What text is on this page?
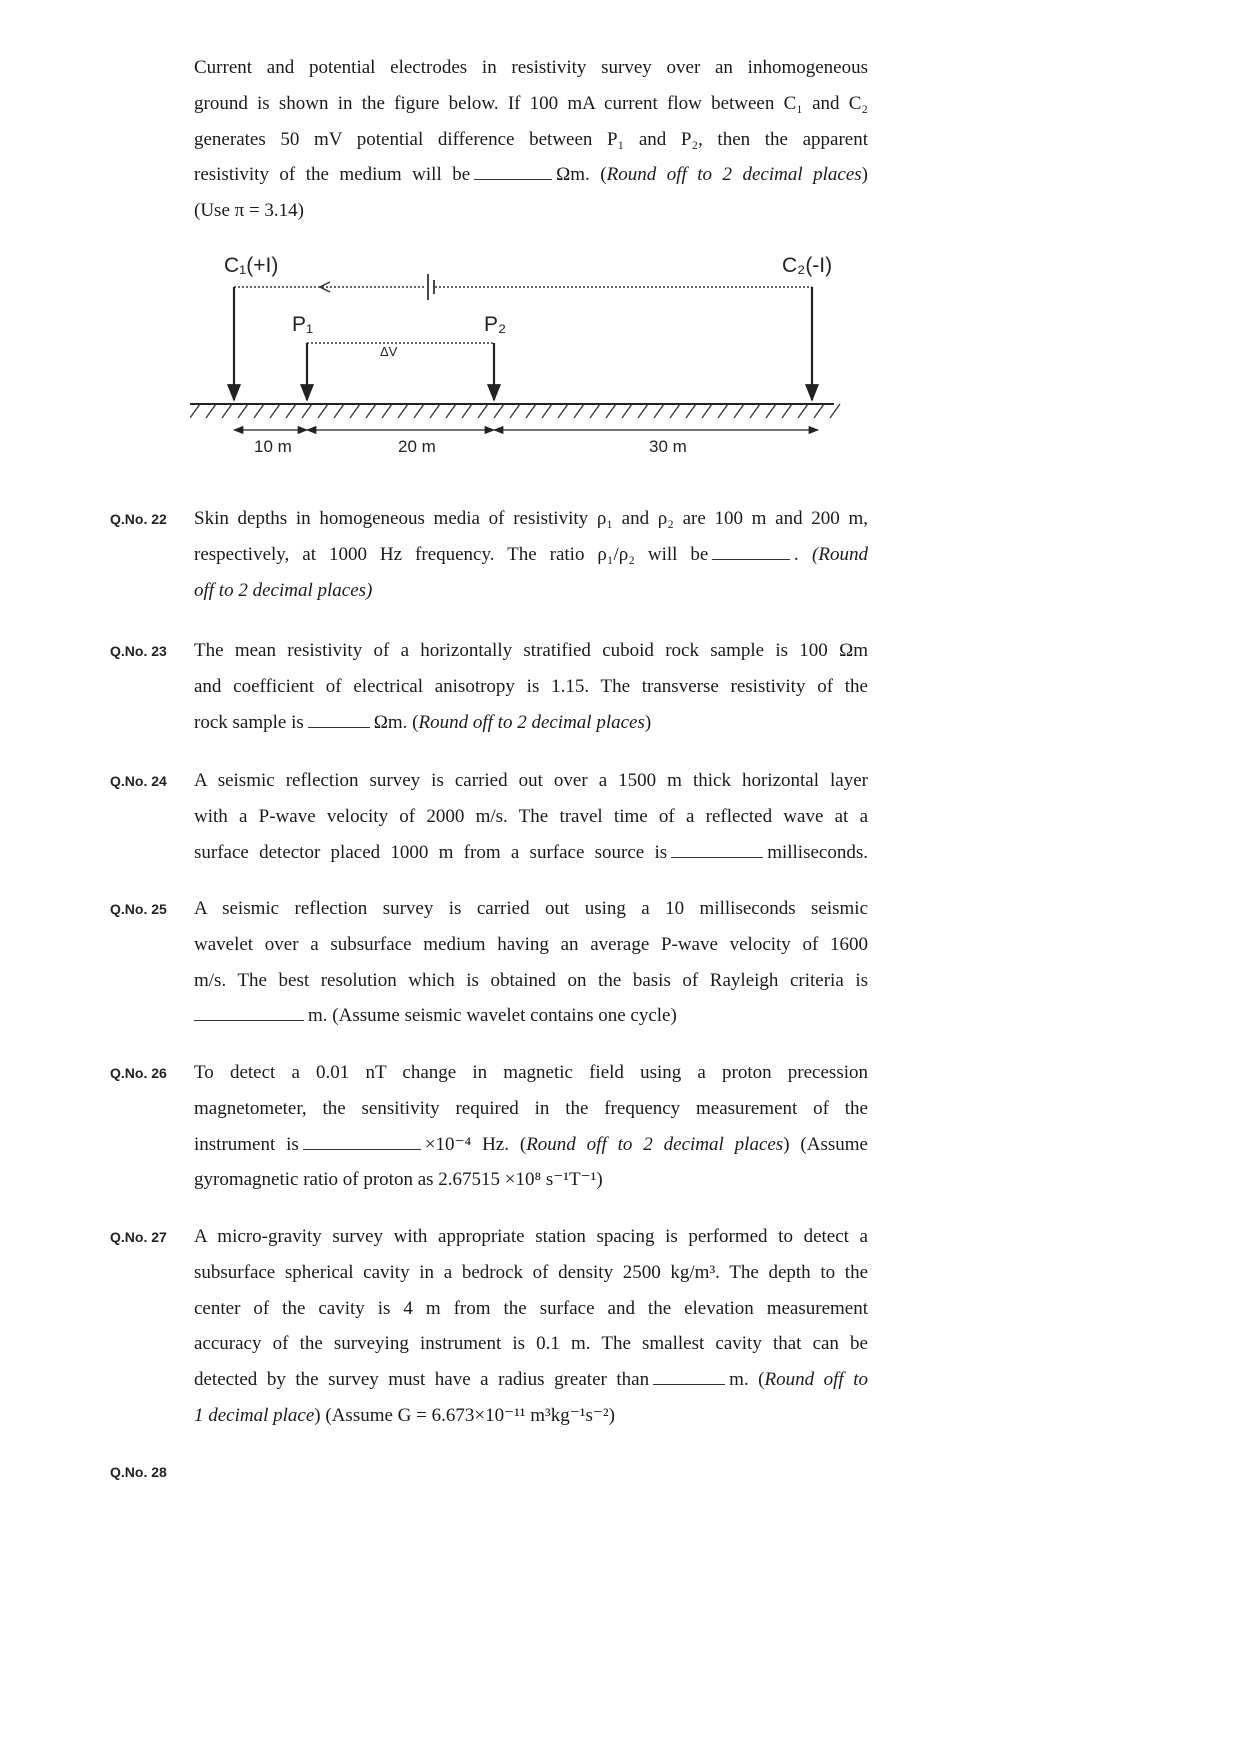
Current and potential electrodes in resistivity survey over an inhomogeneous
ground is shown in the figure below. If 100 mA current flow between C₁ and C₂
generates 50 mV potential difference between P₁ and P₂, then the apparent
resistivity of the medium will be	Ωm. (Round off to 2 decimal places)
(Use π = 3.14)
C₁(+I)	C₂(-I)
P₁	P₂
ΔV
10 m	20 m	30 m
Q.No. 22	Skin depths in homogeneous media of resistivity ρ₁ and ρ₂ are 100 m and 200 m,
respectively, at 1000 Hz frequency. The ratio ρ₁/ρ₂ will be	. (Round
off to 2 decimal places)
Q.No. 23	The mean resistivity of a horizontally stratified cuboid rock sample is 100 Ωm
and coefficient of electrical anisotropy is 1.15. The transverse resistivity of the
rock sample is	Ωm. (Round off to 2 decimal places)
Q.No. 24	A seismic reflection survey is carried out over a 1500 m thick horizontal layer
with a P-wave velocity of 2000 m/s. The travel time of a reflected wave at a
surface detector placed 1000 m from a surface source is	milliseconds.
Q.No. 25	A seismic reflection survey is carried out using a 10 milliseconds seismic
wavelet over a subsurface medium having an average P-wave velocity of 1600
m/s. The best resolution which is obtained on the basis of Rayleigh criteria is
m. (Assume seismic wavelet contains one cycle)
Q.No. 26	To detect a 0.01 nT change in magnetic field using a proton precession
magnetometer, the sensitivity required in the frequency measurement of the
instrument is	×10⁻⁴ Hz. (Round off to 2 decimal places) (Assume
gyromagnetic ratio of proton as 2.67515 ×10⁸ s⁻¹T⁻¹)
Q.No. 27	A micro-gravity survey with appropriate station spacing is performed to detect a
subsurface spherical cavity in a bedrock of density 2500 kg/m³. The depth to the
center of the cavity is 4 m from the surface and the elevation measurement
accuracy of the surveying instrument is 0.1 m. The smallest cavity that can be
detected by the survey must have a radius greater than	m. (Round off to
1 decimal place) (Assume G = 6.673×10⁻¹¹ m³kg⁻¹s⁻²)
Q.No. 28
